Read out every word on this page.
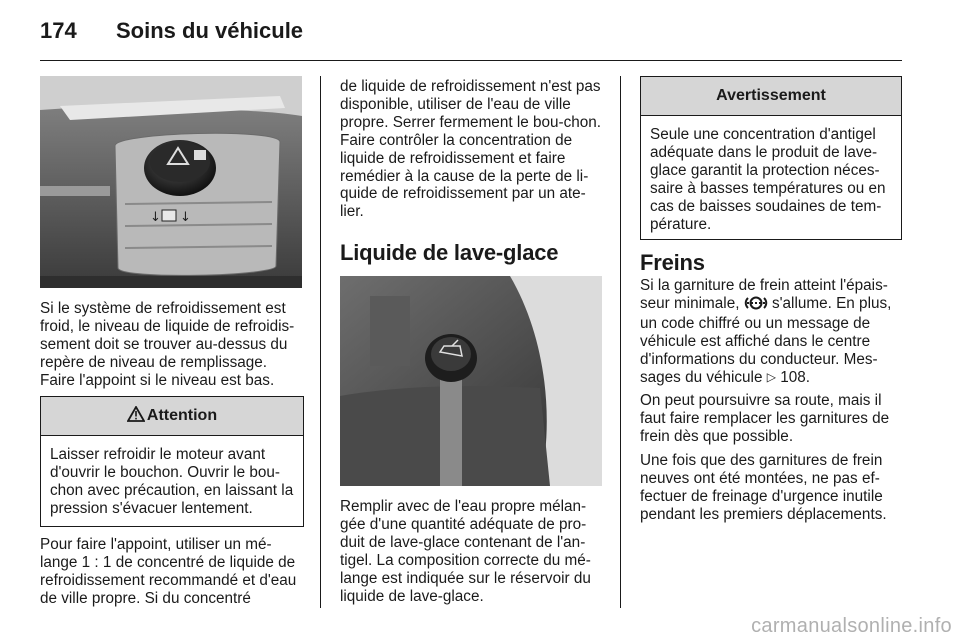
174 Soins du véhicule
↓ ↓

Si le système de refroidissement est froid, le niveau de liquide de refroidis-sement doit se trouver au-dessus du repère de niveau de remplissage. Faire l'appoint si le niveau est bas.

Attention
Laisser refroidir le moteur avant d'ouvrir le bouchon. Ouvrir le bou-chon avec précaution, en laissant la pression s'évacuer lentement.

Pour faire l'appoint, utiliser un mé-lange 1 : 1 de concentré de liquide de refroidissement recommandé et d'eau de ville propre. Si du concentré

de liquide de refroidissement n'est pas disponible, utiliser de l'eau de ville propre. Serrer fermement le bou-chon. Faire contrôler la concentration de liquide de refroidissement et faire remédier à la cause de la perte de li-quide de refroidissement par un ate-lier.

Liquide de lave-glace

Remplir avec de l'eau propre mélan-gée d'une quantité adéquate de pro-duit de lave-glace contenant de l'an-tigel. La composition correcte du mé-lange est indiquée sur le réservoir du liquide de lave-glace.

Avertissement
Seule une concentration d'antigel adéquate dans le produit de lave-glace garantit la protection néces-saire à basses températures ou en cas de baisses soudaines de tem-pérature.
Freins

Si la garniture de frein atteint l'épais-seur minimale, s'allume. En plus, un code chiffré ou un message de véhicule est affiché dans le centre d'informations du conducteur. Mes-sages du véhicule ▷ 108.

On peut poursuivre sa route, mais il faut faire remplacer les garnitures de frein dès que possible.

Une fois que des garnitures de frein neuves ont été montées, ne pas ef-fectuer de freinage d'urgence inutile pendant les premiers déplacements.

carmanualsonline.info
